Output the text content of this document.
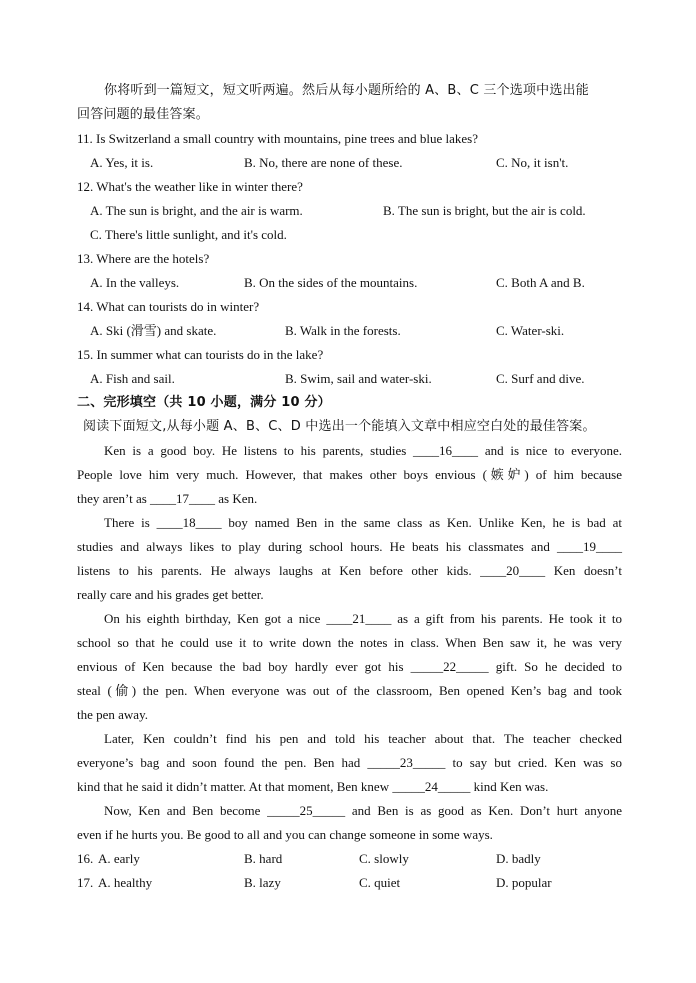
你将听到一篇短文，短文听两遍。然后从每小题所给的 A、B、C 三个选项中选出能
回答问题的最佳答案。
11. Is Switzerland a small country with mountains, pine trees and blue lakes?
A. Yes, it is.	B. No, there are none of these.	C. No, it isn't.
12. What's the weather like in winter there?
A. The sun is bright, and the air is warm.	B. The sun is bright, but the air is cold.
C. There's little sunlight, and it's cold.
13. Where are the hotels?
A. In the valleys.	B. On the sides of the mountains.	C. Both A and B.
14. What can tourists do in winter?
A. Ski (滑雪) and skate.	B. Walk in the forests.	C. Water-ski.
15. In summer what can tourists do in the lake?
A. Fish and sail.	B. Swim, sail and water-ski.	C. Surf and dive.
二、完形填空（共 10 小题，满分 10 分）
阅读下面短文,从每小题 A、B、C、D 中选出一个能填入文章中相应空白处的最佳答案。
Ken is a good boy. He listens to his parents, studies ____16____ and is nice to everyone.
People love him very much. However, that makes other boys envious (嫉妒) of him because
they aren’t as ____17____ as Ken.
There is ____18____ boy named Ben in the same class as Ken. Unlike Ken, he is bad at
studies and always likes to play during school hours. He beats his classmates and ____19____
listens to his parents. He always laughs at Ken before other kids. ____20____ Ken doesn’t
really care and his grades get better.
On his eighth birthday, Ken got a nice ____21____ as a gift from his parents. He took it to
school so that he could use it to write down the notes in class. When Ben saw it, he was very
envious of Ken because the bad boy hardly ever got his _____22_____ gift. So he decided to
steal (偷) the pen. When everyone was out of the classroom, Ben opened Ken’s bag and took
the pen away.
Later, Ken couldn’t find his pen and told his teacher about that. The teacher checked
everyone’s bag and soon found the pen. Ben had _____23_____ to say but cried. Ken was so
kind that he said it didn’t matter. At that moment, Ben knew _____24_____ kind Ken was.
Now, Ken and Ben become _____25_____ and Ben is as good as Ken. Don’t hurt anyone
even if he hurts you. Be good to all and you can change someone in some ways.
16. A. early	B. hard	C. slowly	D. badly
17. A. healthy	B. lazy	C. quiet	D. popular
